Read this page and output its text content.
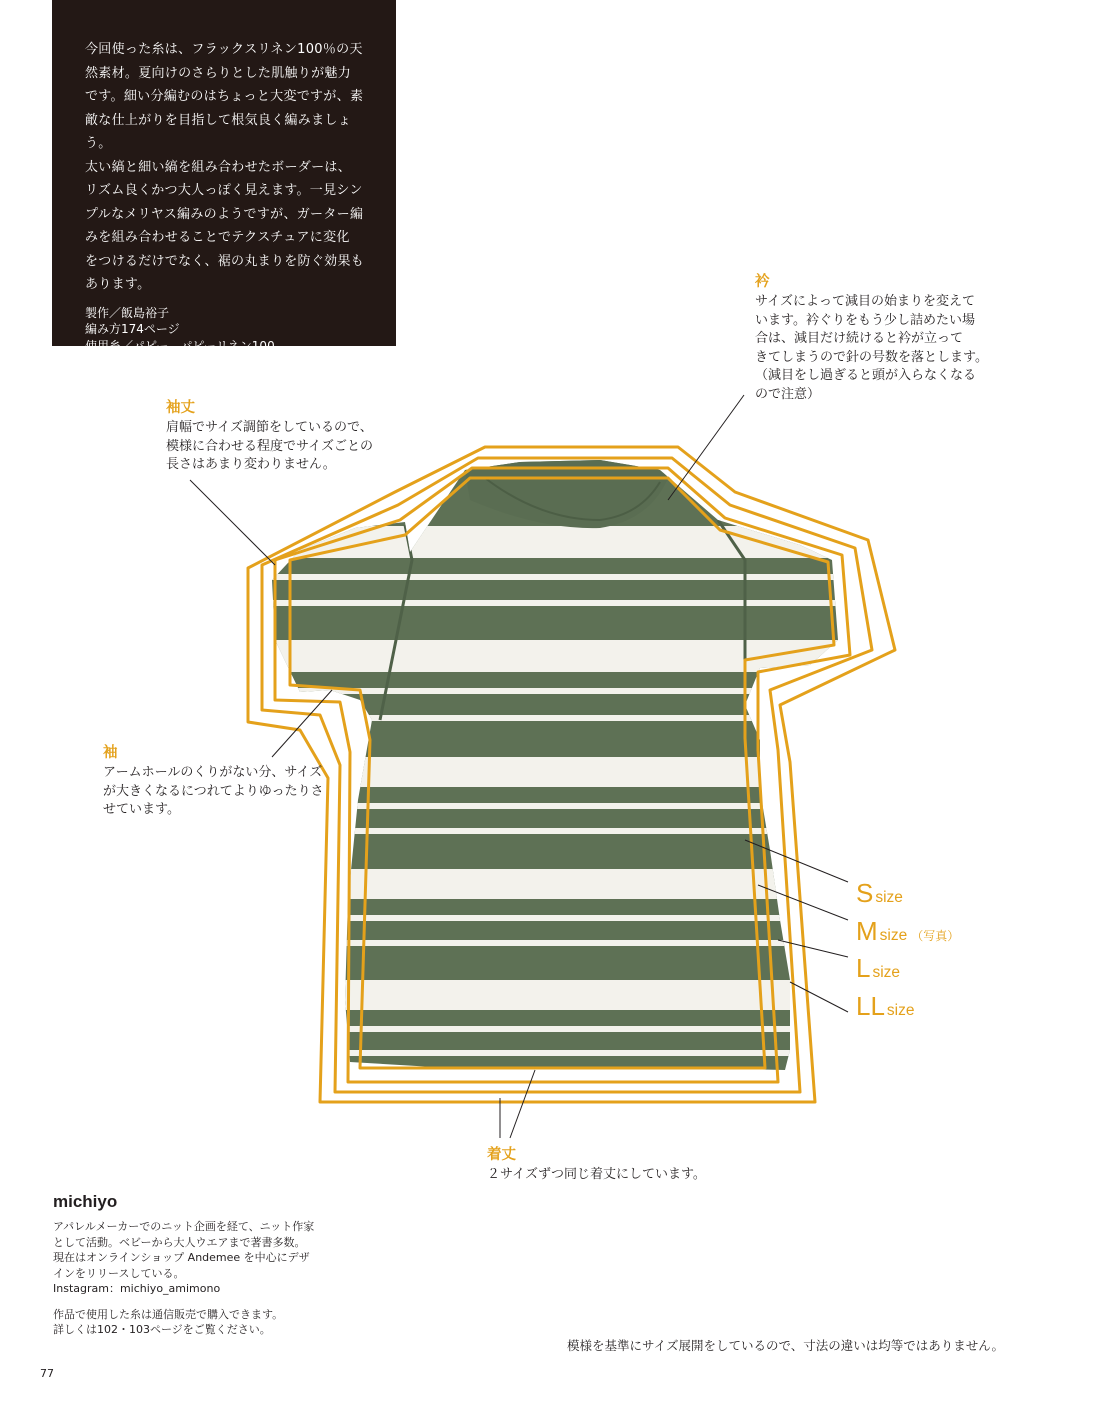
今回使った糸は、フラックスリネン100％の天
然素材。夏向けのさらりとした肌触りが魅力
です。細い分編むのはちょっと大変ですが、素
敵な仕上がりを目指して根気良く編みましょう。
太い縞と細い縞を組み合わせたボーダーは、
リズム良くかつ大人っぽく見えます。一見シン
プルなメリヤス編みのようですが、ガーター編
みを組み合わせることでテクスチュアに変化
をつけるだけでなく、裾の丸まりを防ぐ効果も
あります。

製作／飯島裕子
編み方174ページ
使用糸／パピー　パピーリネン100
衿
サイズによって減目の始まりを変えて
います。衿ぐりをもう少し詰めたい場
合は、減目だけ続けると衿が立って
きてしまうので針の号数を落とします。
（減目をし過ぎると頭が入らなくなる
ので注意）
袖丈
肩幅でサイズ調節をしているので、
模様に合わせる程度でサイズごとの
長さはあまり変わりません。
袖
アームホールのくりがない分、サイズ
が大きくなるにつれてよりゆったりさ
せています。
着丈
２サイズずつ同じ着丈にしています。
S size
M size （写真）
L size
LL size
michiyo
アパレルメーカーでのニット企画を経て、ニット作家
として活動。ベビーから大人ウエアまで著書多数。
現在はオンラインショップ Andemee を中心にデザ
インをリリースしている。
Instagram：michiyo_amimono
作品で使用した糸は通信販売で購入できます。
詳しくは102・103ページをご覧ください。
模様を基準にサイズ展開をしているので、寸法の違いは均等ではありません。
77
